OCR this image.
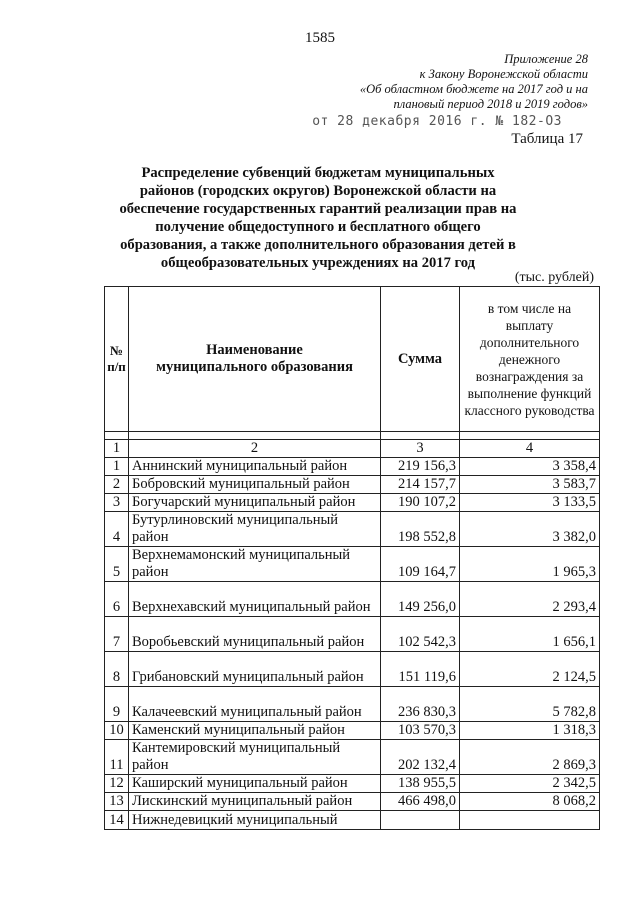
1585
Приложение 28
к Закону Воронежской области
«Об областном бюджете на 2017 год и на
плановый период 2018 и 2019 годов»
от 28 декабря 2016 г. № 182-ОЗ
Таблица 17
Распределение субвенций бюджетам муниципальных районов (городских округов) Воронежской области на обеспечение государственных гарантий реализации прав на получение общедоступного и бесплатного общего образования, а также дополнительного образования детей в общеобразовательных учреждениях на 2017 год
(тыс. рублей)
№ п/п	Наименование муниципального образования	Сумма	в том числе на выплату дополнительного денежного вознаграждения за выполнение функций классного руководства

1	2	3	4
1	Аннинский муниципальный район	219 156,3	3 358,4
2	Бобровский муниципальный район	214 157,7	3 583,7
3	Богучарский муниципальный район	190 107,2	3 133,5
4	Бутурлиновский муниципальный район	198 552,8	3 382,0
5	Верхнемамонский муниципальный район	109 164,7	1 965,3
6	Верхнехавский муниципальный район	149 256,0	2 293,4
7	Воробьевский муниципальный район	102 542,3	1 656,1
8	Грибановский муниципальный район	151 119,6	2 124,5
9	Калачеевский муниципальный район	236 830,3	5 782,8
10	Каменский муниципальный район	103 570,3	1 318,3
11	Кантемировский муниципальный район	202 132,4	2 869,3
12	Каширский муниципальный район	138 955,5	2 342,5
13	Лискинский муниципальный район	466 498,0	8 068,2
14	Нижнедевицкий муниципальный		
